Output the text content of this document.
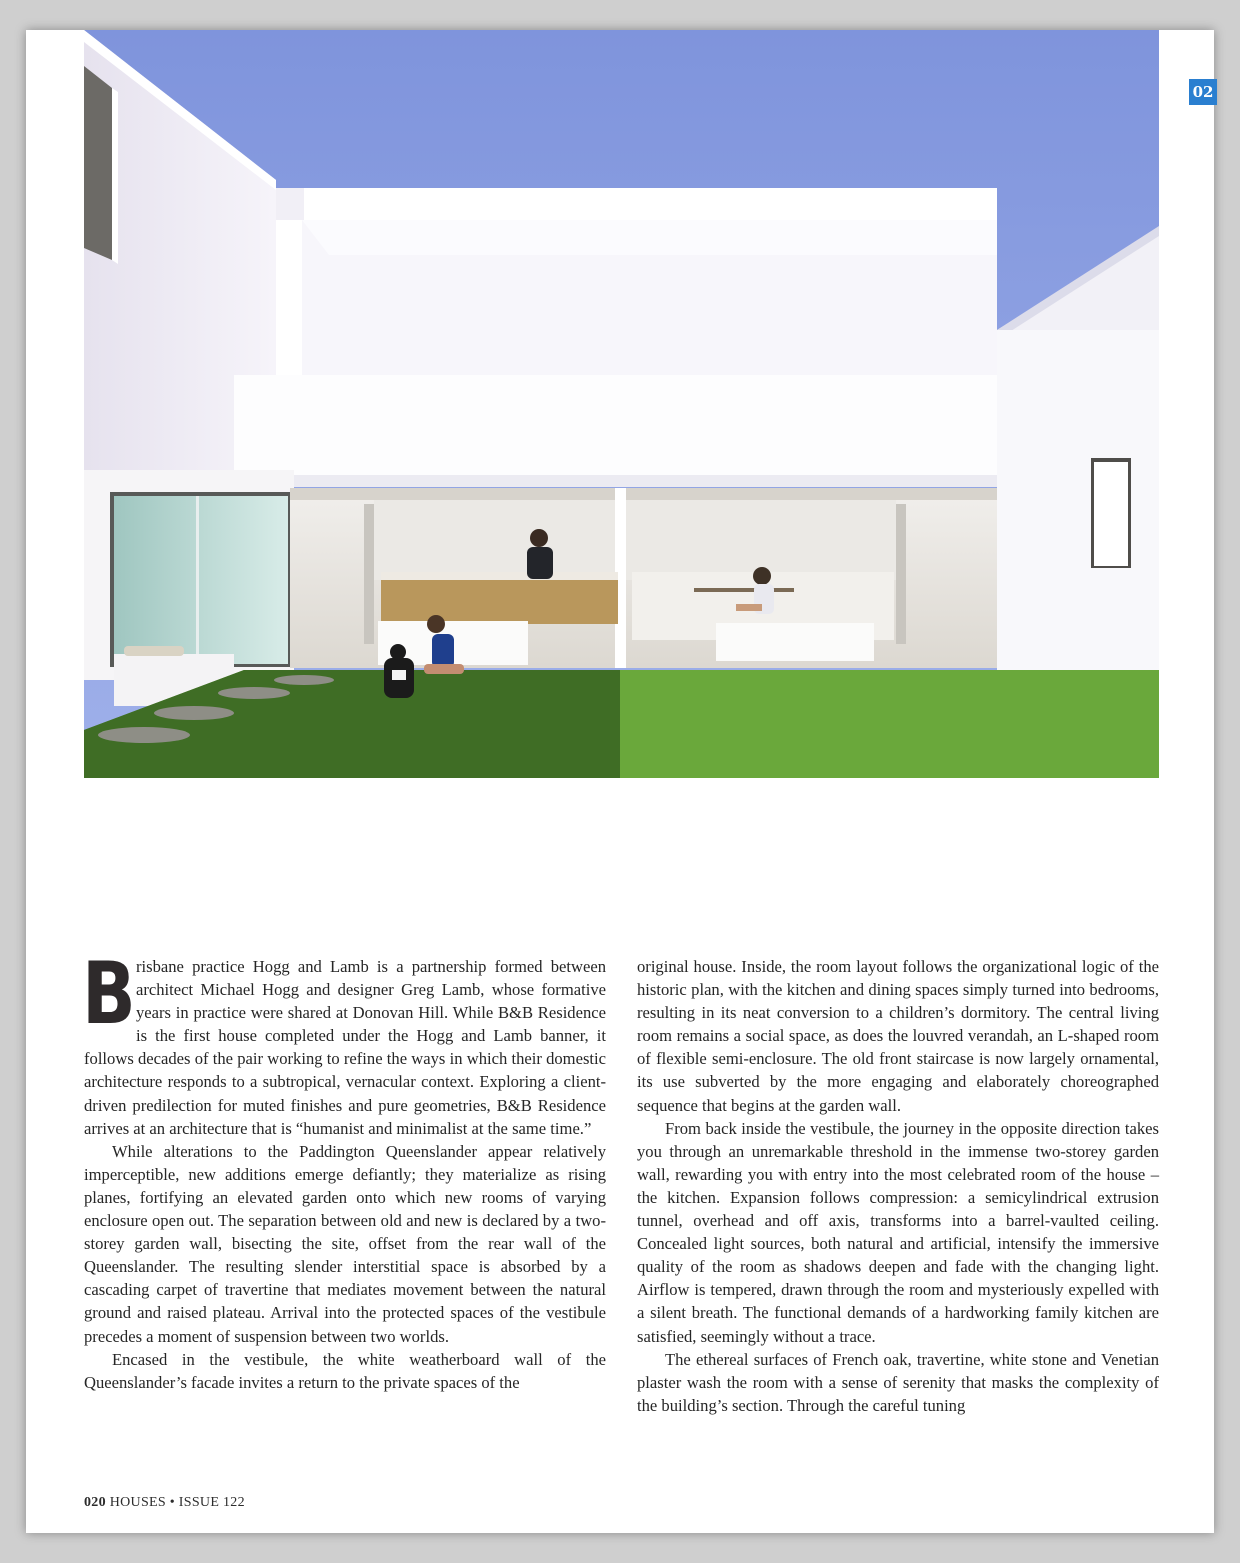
02

Brisbane practice Hogg and Lamb is a partnership formed between architect Michael Hogg and designer Greg Lamb, whose formative years in practice were shared at Donovan Hill. While B&B Residence is the first house completed under the Hogg and Lamb banner, it follows decades of the pair working to refine the ways in which their domestic architecture responds to a subtropical, vernacular context. Exploring a client-driven predilection for muted finishes and pure geometries, B&B Residence arrives at an architecture that is “humanist and minimalist at the same time.”

While alterations to the Paddington Queenslander appear relatively imperceptible, new additions emerge defiantly; they materialize as rising planes, fortifying an elevated garden onto which new rooms of varying enclosure open out. The separation between old and new is declared by a two-storey garden wall, bisecting the site, offset from the rear wall of the Queenslander. The resulting slender interstitial space is absorbed by a cascading carpet of travertine that mediates movement between the natural ground and raised plateau. Arrival into the protected spaces of the vestibule precedes a moment of suspension between two worlds.

Encased in the vestibule, the white weatherboard wall of the Queenslander’s facade invites a return to the private spaces of the

original house. Inside, the room layout follows the organizational logic of the historic plan, with the kitchen and dining spaces simply turned into bedrooms, resulting in its neat conversion to a children’s dormitory. The central living room remains a social space, as does the louvred verandah, an L-shaped room of flexible semi-enclosure. The old front staircase is now largely ornamental, its use subverted by the more engaging and elaborately choreographed sequence that begins at the garden wall.

From back inside the vestibule, the journey in the opposite direction takes you through an unremarkable threshold in the immense two-storey garden wall, rewarding you with entry into the most celebrated room of the house – the kitchen. Expansion follows compression: a semicylindrical extrusion tunnel, overhead and off axis, transforms into a barrel-vaulted ceiling. Concealed light sources, both natural and artificial, intensify the immersive quality of the room as shadows deepen and fade with the changing light. Airflow is tempered, drawn through the room and mysteriously expelled with a silent breath. The functional demands of a hardworking family kitchen are satisfied, seemingly without a trace.

The ethereal surfaces of French oak, travertine, white stone and Venetian plaster wash the room with a sense of serenity that masks the complexity of the building’s section. Through the careful tuning

020 HOUSES • ISSUE 122
